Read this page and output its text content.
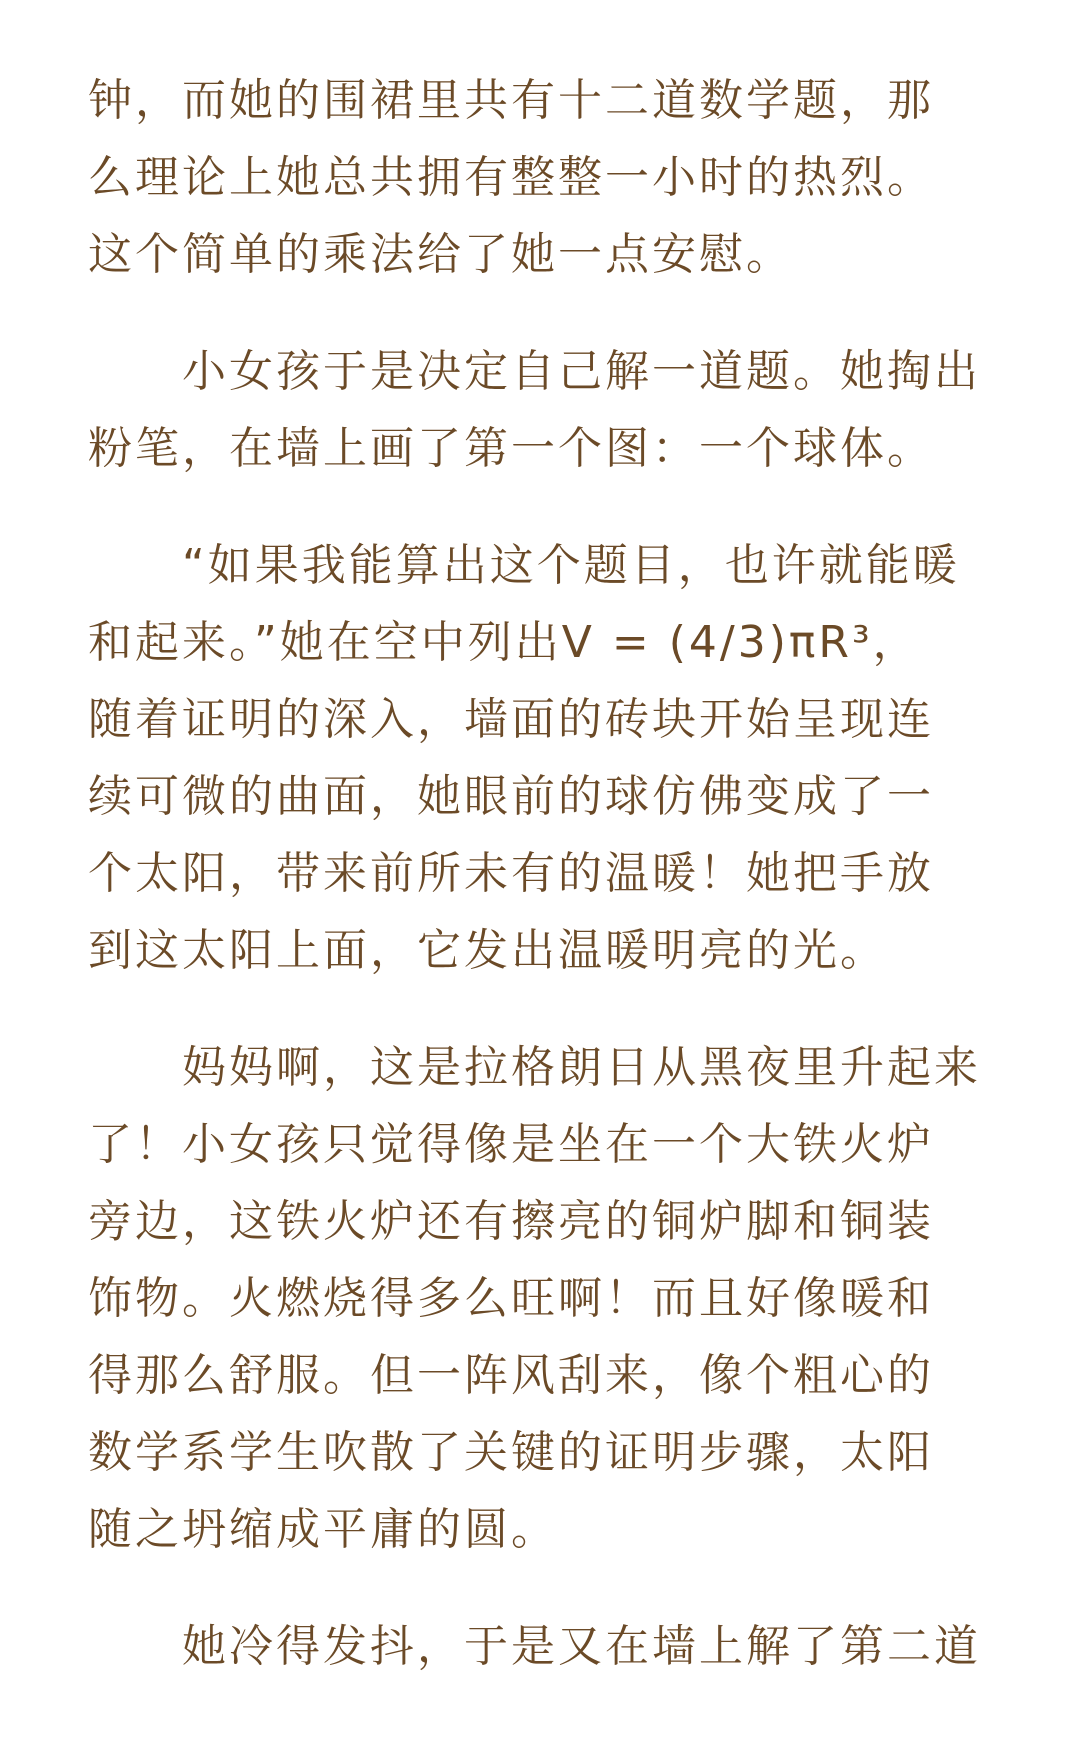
钟，而她的围裙里共有十二道数学题，那
么理论上她总共拥有整整一小时的热烈。
这个简单的乘法给了她一点安慰。

小女孩于是决定自己解一道题。她掏出
粉笔，在墙上画了第一个图：一个球体。

“如果我能算出这个题目，也许就能暖
和起来。”她在空中列出V = (4/3)πR³，
随着证明的深入，墙面的砖块开始呈现连
续可微的曲面，她眼前的球仿佛变成了一
个太阳，带来前所未有的温暖！她把手放
到这太阳上面，它发出温暖明亮的光。

妈妈啊，这是拉格朗日从黑夜里升起来
了！小女孩只觉得像是坐在一个大铁火炉
旁边，这铁火炉还有擦亮的铜炉脚和铜装
饰物。火燃烧得多么旺啊！而且好像暖和
得那么舒服。但一阵风刮来，像个粗心的
数学系学生吹散了关键的证明步骤，太阳
随之坍缩成平庸的圆。

她冷得发抖，于是又在墙上解了第二道
